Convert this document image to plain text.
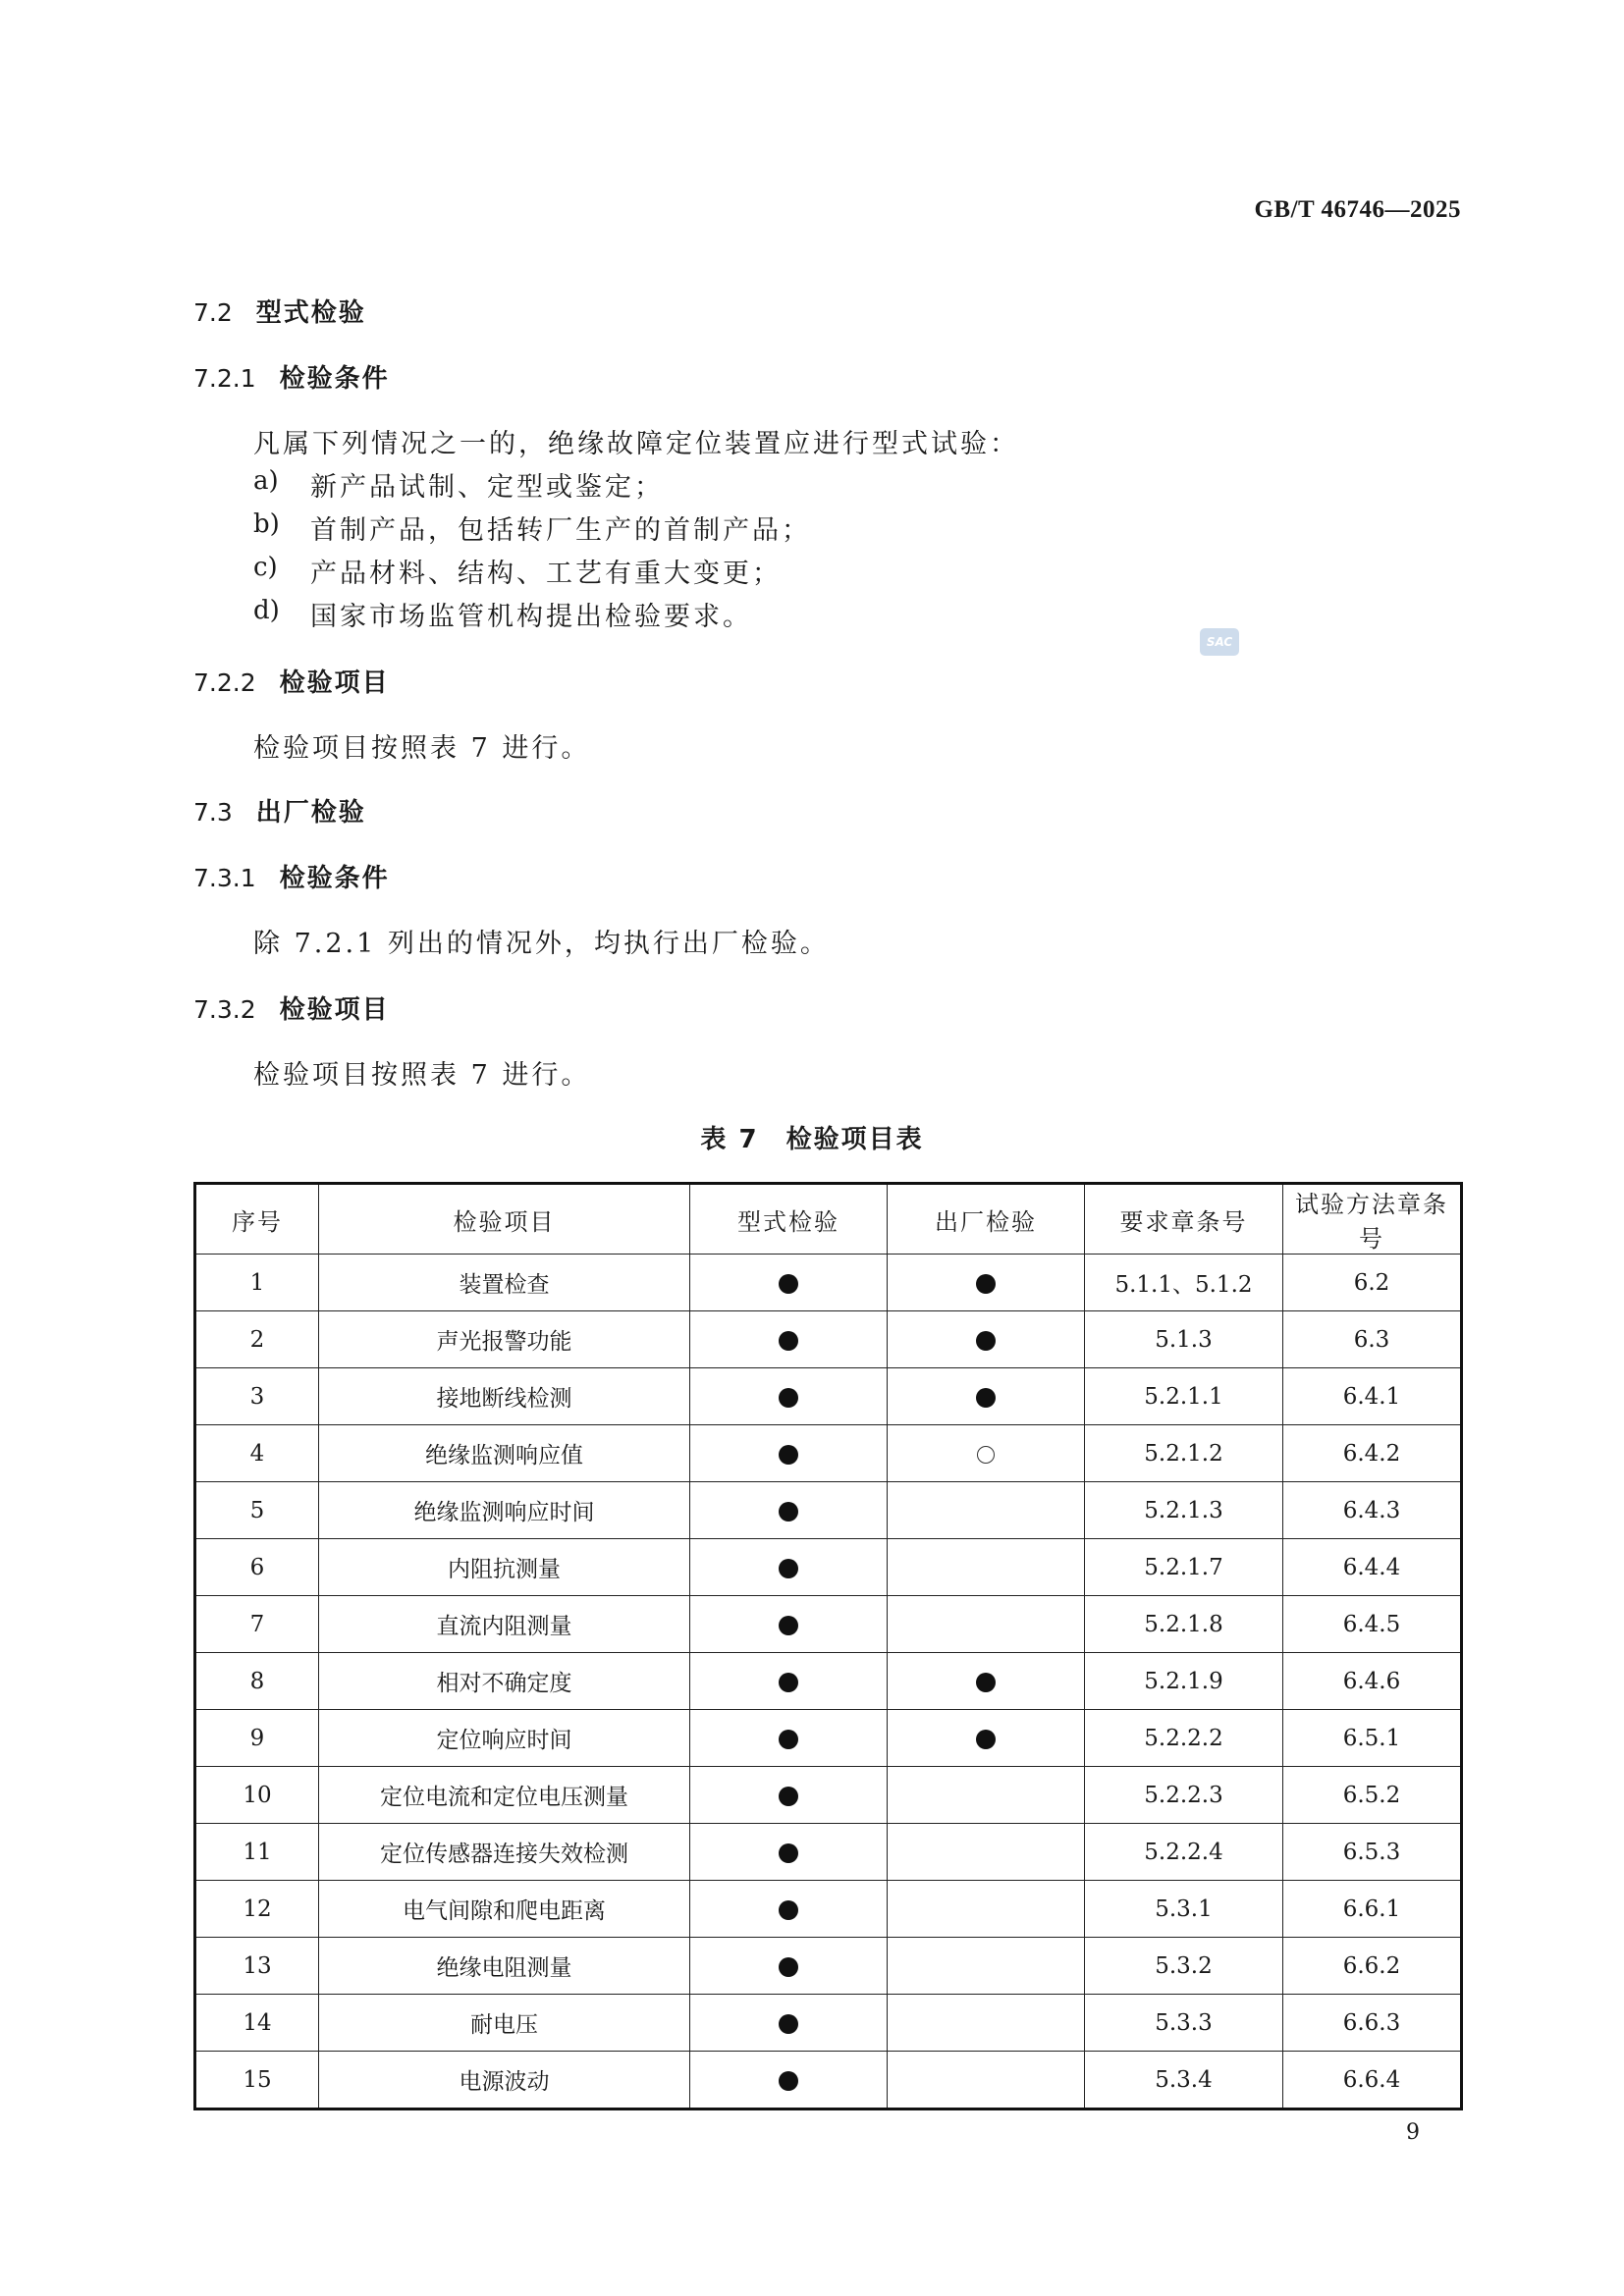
GB/T 46746—2025
7.2 型式检验
7.2.1 检验条件
凡属下列情况之一的，绝缘故障定位装置应进行型式试验：
a) 新产品试制、定型或鉴定；
b) 首制产品，包括转厂生产的首制产品；
c) 产品材料、结构、工艺有重大变更；
d) 国家市场监管机构提出检验要求。
SAC
7.2.2 检验项目
检验项目按照表 7 进行。
7.3 出厂检验
7.3.1 检验条件
除 7.2.1 列出的情况外，均执行出厂检验。
7.3.2 检验项目
检验项目按照表 7 进行。
表 7　检验项目表
序号	检验项目	型式检验	出厂检验	要求章条号	试验方法章条号
1	装置检查			5.1.1、5.1.2	6.2
2	声光报警功能			5.1.3	6.3
3	接地断线检测			5.2.1.1	6.4.1
4	绝缘监测响应值			5.2.1.2	6.4.2
5	绝缘监测响应时间			5.2.1.3	6.4.3
6	内阻抗测量			5.2.1.7	6.4.4
7	直流内阻测量			5.2.1.8	6.4.5
8	相对不确定度			5.2.1.9	6.4.6
9	定位响应时间			5.2.2.2	6.5.1
10	定位电流和定位电压测量			5.2.2.3	6.5.2
11	定位传感器连接失效检测			5.2.2.4	6.5.3
12	电气间隙和爬电距离			5.3.1	6.6.1
13	绝缘电阻测量			5.3.2	6.6.2
14	耐电压			5.3.3	6.6.3
15	电源波动			5.3.4	6.6.4
9
